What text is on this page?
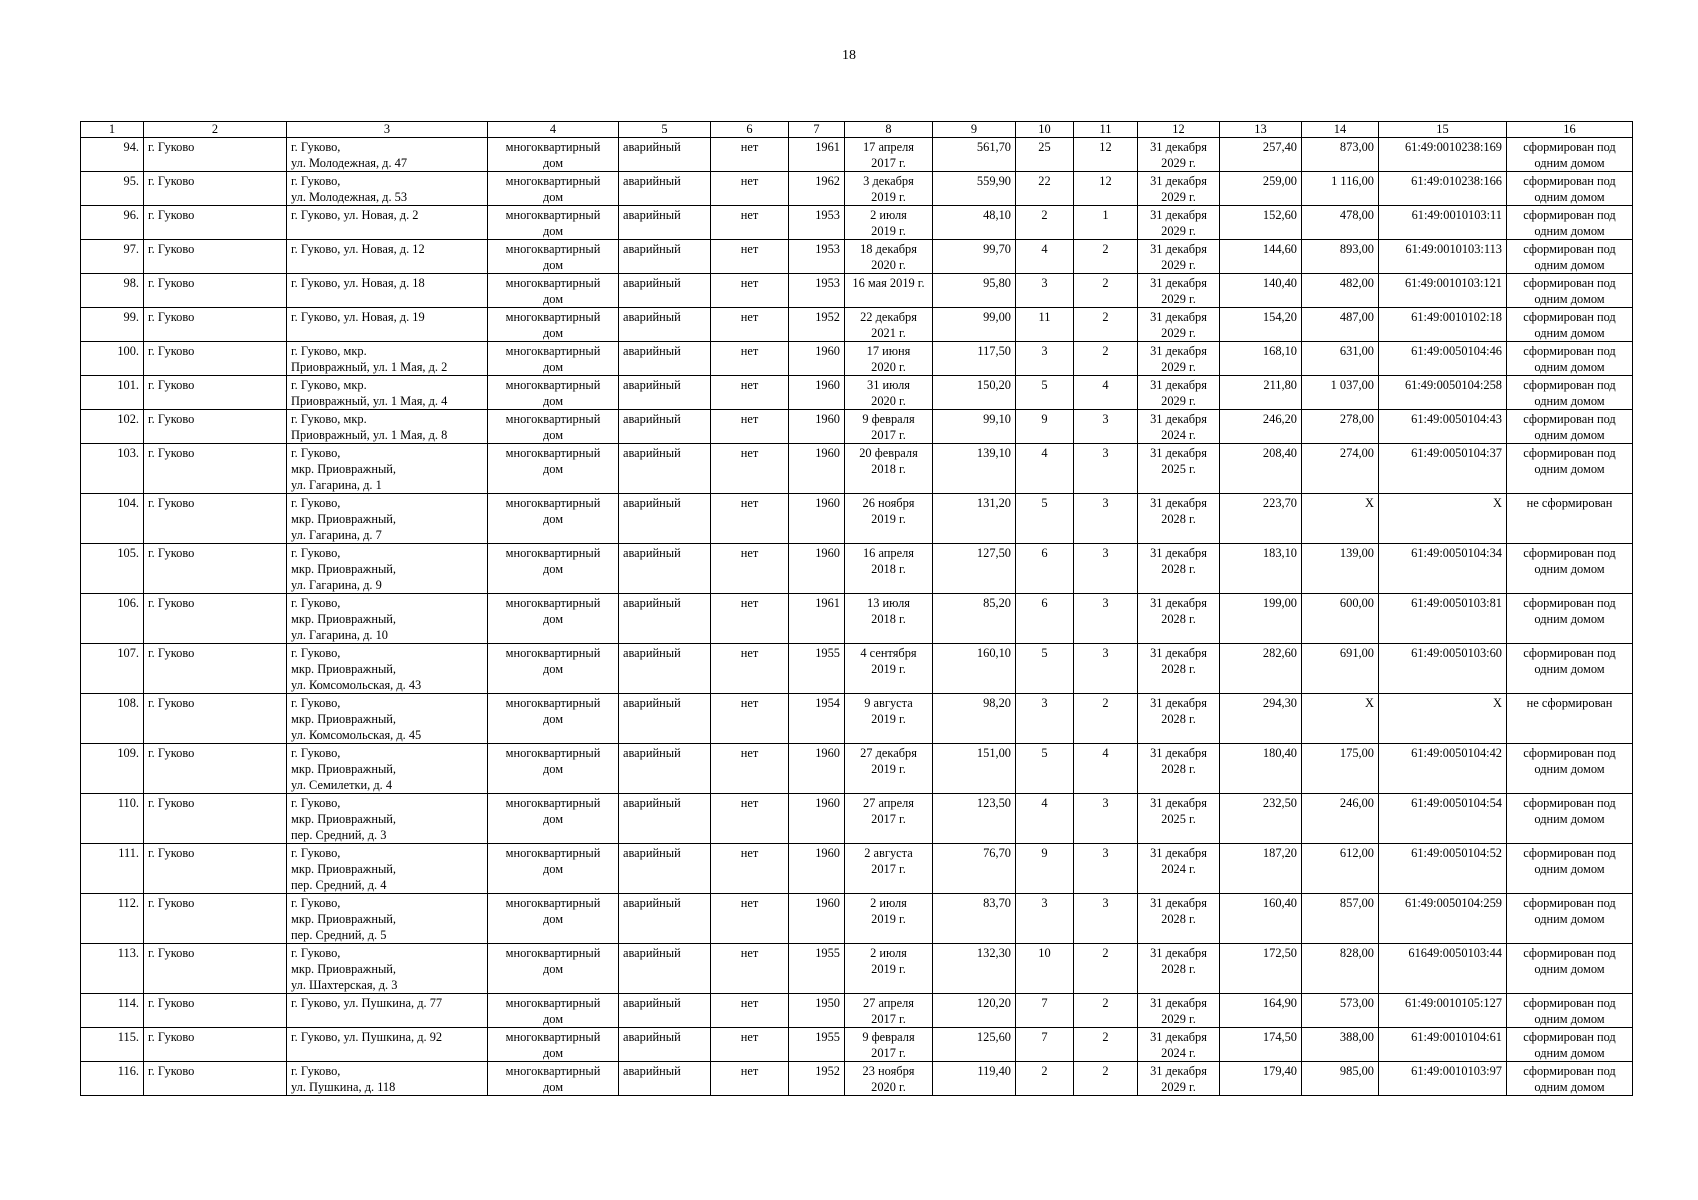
18
1	2	3	4	5	6	7	8	9	10	11	12	13	14	15	16
94.	г. Гуково	г. Гуково,
ул. Молодежная, д. 47	многоквартирный
дом	аварийный	нет	1961	17 апреля
2017 г.	561,70	25	12	31 декабря
2029 г.	257,40	873,00	61:49:0010238:169	сформирован под
одним домом
95.	г. Гуково	г. Гуково,
ул. Молодежная, д. 53	многоквартирный
дом	аварийный	нет	1962	3 декабря
2019 г.	559,90	22	12	31 декабря
2029 г.	259,00	1 116,00	61:49:010238:166	сформирован под
одним домом
96.	г. Гуково	г. Гуково, ул. Новая, д. 2	многоквартирный
дом	аварийный	нет	1953	2 июля
2019 г.	48,10	2	1	31 декабря
2029 г.	152,60	478,00	61:49:0010103:11	сформирован под
одним домом
97.	г. Гуково	г. Гуково, ул. Новая, д. 12	многоквартирный
дом	аварийный	нет	1953	18 декабря
2020 г.	99,70	4	2	31 декабря
2029 г.	144,60	893,00	61:49:0010103:113	сформирован под
одним домом
98.	г. Гуково	г. Гуково, ул. Новая, д. 18	многоквартирный
дом	аварийный	нет	1953	16 мая 2019 г.	95,80	3	2	31 декабря
2029 г.	140,40	482,00	61:49:0010103:121	сформирован под
одним домом
99.	г. Гуково	г. Гуково, ул. Новая, д. 19	многоквартирный
дом	аварийный	нет	1952	22 декабря
2021 г.	99,00	11	2	31 декабря
2029 г.	154,20	487,00	61:49:0010102:18	сформирован под
одним домом
100.	г. Гуково	г. Гуково, мкр.
Приовражный, ул. 1 Мая, д. 2	многоквартирный
дом	аварийный	нет	1960	17 июня
2020 г.	117,50	3	2	31 декабря
2029 г.	168,10	631,00	61:49:0050104:46	сформирован под
одним домом
101.	г. Гуково	г. Гуково, мкр.
Приовражный, ул. 1 Мая, д. 4	многоквартирный
дом	аварийный	нет	1960	31 июля
2020 г.	150,20	5	4	31 декабря
2029 г.	211,80	1 037,00	61:49:0050104:258	сформирован под
одним домом
102.	г. Гуково	г. Гуково, мкр.
Приовражный, ул. 1 Мая, д. 8	многоквартирный
дом	аварийный	нет	1960	9 февраля
2017 г.	99,10	9	3	31 декабря
2024 г.	246,20	278,00	61:49:0050104:43	сформирован под
одним домом
103.	г. Гуково	г. Гуково,
мкр. Приовражный,
ул. Гагарина, д. 1	многоквартирный
дом	аварийный	нет	1960	20 февраля
2018 г.	139,10	4	3	31 декабря
2025 г.	208,40	274,00	61:49:0050104:37	сформирован под
одним домом
104.	г. Гуково	г. Гуково,
мкр. Приовражный,
ул. Гагарина, д. 7	многоквартирный
дом	аварийный	нет	1960	26 ноября
2019 г.	131,20	5	3	31 декабря
2028 г.	223,70	Х	Х	не сформирован
105.	г. Гуково	г. Гуково,
мкр. Приовражный,
ул. Гагарина, д. 9	многоквартирный
дом	аварийный	нет	1960	16 апреля
2018 г.	127,50	6	3	31 декабря
2028 г.	183,10	139,00	61:49:0050104:34	сформирован под
одним домом
106.	г. Гуково	г. Гуково,
мкр. Приовражный,
ул. Гагарина, д. 10	многоквартирный
дом	аварийный	нет	1961	13 июля
2018 г.	85,20	6	3	31 декабря
2028 г.	199,00	600,00	61:49:0050103:81	сформирован под
одним домом
107.	г. Гуково	г. Гуково,
мкр. Приовражный,
ул. Комсомольская, д. 43	многоквартирный
дом	аварийный	нет	1955	4 сентября
2019 г.	160,10	5	3	31 декабря
2028 г.	282,60	691,00	61:49:0050103:60	сформирован под
одним домом
108.	г. Гуково	г. Гуково,
мкр. Приовражный,
ул. Комсомольская, д. 45	многоквартирный
дом	аварийный	нет	1954	9 августа
2019 г.	98,20	3	2	31 декабря
2028 г.	294,30	Х	Х	не сформирован
109.	г. Гуково	г. Гуково,
мкр. Приовражный,
ул. Семилетки, д. 4	многоквартирный
дом	аварийный	нет	1960	27 декабря
2019 г.	151,00	5	4	31 декабря
2028 г.	180,40	175,00	61:49:0050104:42	сформирован под
одним домом
110.	г. Гуково	г. Гуково,
мкр. Приовражный,
пер. Средний, д. 3	многоквартирный
дом	аварийный	нет	1960	27 апреля
2017 г.	123,50	4	3	31 декабря
2025 г.	232,50	246,00	61:49:0050104:54	сформирован под
одним домом
111.	г. Гуково	г. Гуково,
мкр. Приовражный,
пер. Средний, д. 4	многоквартирный
дом	аварийный	нет	1960	2 августа
2017 г.	76,70	9	3	31 декабря
2024 г.	187,20	612,00	61:49:0050104:52	сформирован под
одним домом
112.	г. Гуково	г. Гуково,
мкр. Приовражный,
пер. Средний, д. 5	многоквартирный
дом	аварийный	нет	1960	2 июля
2019 г.	83,70	3	3	31 декабря
2028 г.	160,40	857,00	61:49:0050104:259	сформирован под
одним домом
113.	г. Гуково	г. Гуково,
мкр. Приовражный,
ул. Шахтерская, д. 3	многоквартирный
дом	аварийный	нет	1955	2 июля
2019 г.	132,30	10	2	31 декабря
2028 г.	172,50	828,00	61649:0050103:44	сформирован под
одним домом
114.	г. Гуково	г. Гуково, ул. Пушкина, д. 77	многоквартирный
дом	аварийный	нет	1950	27 апреля
2017 г.	120,20	7	2	31 декабря
2029 г.	164,90	573,00	61:49:0010105:127	сформирован под
одним домом
115.	г. Гуково	г. Гуково, ул. Пушкина, д. 92	многоквартирный
дом	аварийный	нет	1955	9 февраля
2017 г.	125,60	7	2	31 декабря
2024 г.	174,50	388,00	61:49:0010104:61	сформирован под
одним домом
116.	г. Гуково	г. Гуково,
ул. Пушкина, д. 118	многоквартирный
дом	аварийный	нет	1952	23 ноября
2020 г.	119,40	2	2	31 декабря
2029 г.	179,40	985,00	61:49:0010103:97	сформирован под
одним домом
